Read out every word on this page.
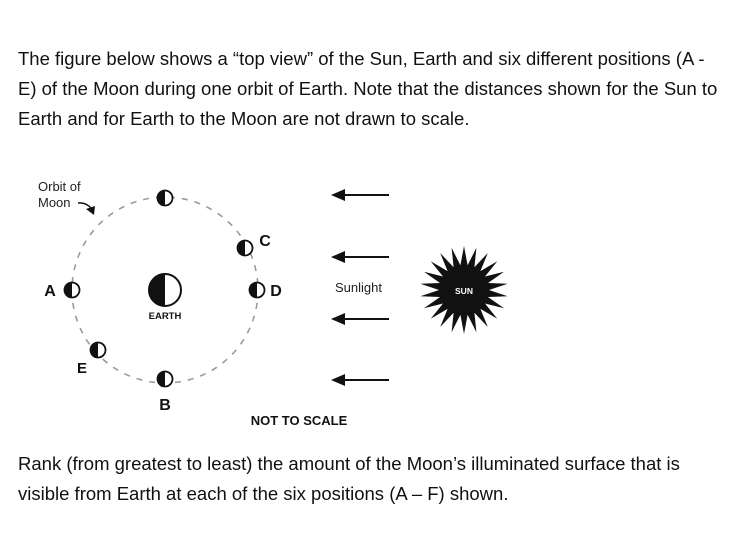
The figure below shows a “top view” of the Sun, Earth and six different positions (A - E) of the Moon during one orbit of Earth. Note that the distances shown for the Sun to Earth and for Earth to the Moon are not drawn to scale.

Orbit of
Moon
EARTH
A
B
C
D
E
Sunlight	SUN
NOT TO SCALE

Rank (from greatest to least) the amount of the Moon’s illuminated surface that is visible from Earth at each of the six positions (A – F) shown.
